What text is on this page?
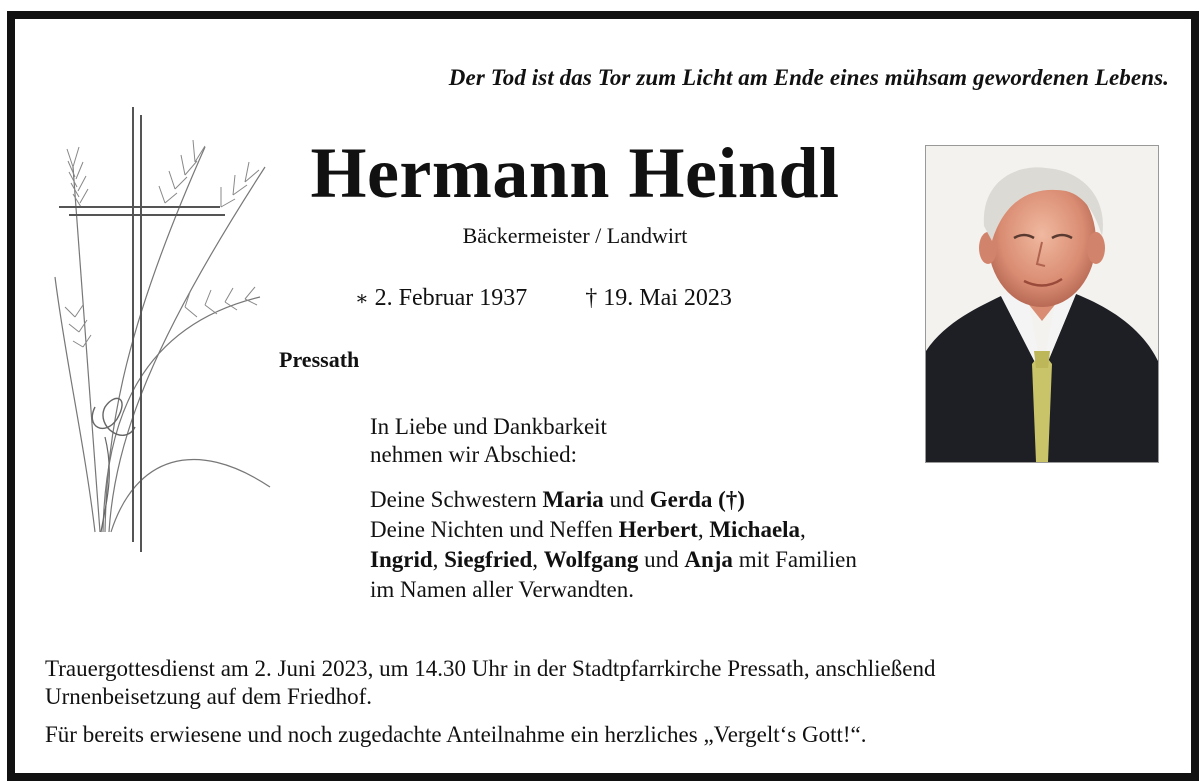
Der Tod ist das Tor zum Licht am Ende eines mühsam gewordenen Lebens.
Hermann Heindl
Bäckermeister / Landwirt
∗ 2. Februar 1937 † 19. Mai 2023
Pressath
In Liebe und Dankbarkeit
nehmen wir Abschied:
Deine Schwestern Maria und Gerda (†)
Deine Nichten und Neffen Herbert, Michaela,
Ingrid, Siegfried, Wolfgang und Anja mit Familien
im Namen aller Verwandten.
Trauergottesdienst am 2. Juni 2023, um 14.30 Uhr in der Stadtpfarrkirche Pressath, anschließend
Urnenbeisetzung auf dem Friedhof.
Für bereits erwiesene und noch zugedachte Anteilnahme ein herzliches „Vergelt‘s Gott!“.
